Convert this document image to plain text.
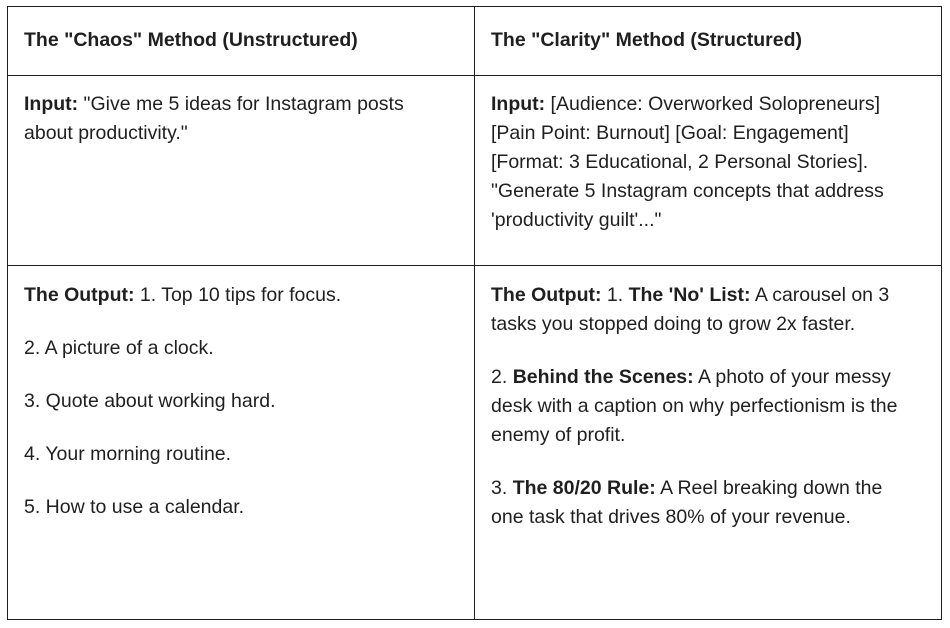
The "Chaos" Method (Unstructured)	The "Clarity" Method (Structured)

Input: "Give me 5 ideas for Instagram posts about productivity."

Input: [Audience: Overworked Solopreneurs] [Pain Point: Burnout] [Goal: Engagement] [Format: 3 Educational, 2 Personal Stories]. "Generate 5 Instagram concepts that address 'productivity guilt'..."

The Output: 1. Top 10 tips for focus.

2. A picture of a clock.

3. Quote about working hard.

4. Your morning routine.

5. How to use a calendar.

The Output: 1. The 'No' List: A carousel on 3 tasks you stopped doing to grow 2x faster.

2. Behind the Scenes: A photo of your messy desk with a caption on why perfectionism is the enemy of profit.

3. The 80/20 Rule: A Reel breaking down the one task that drives 80% of your revenue.
